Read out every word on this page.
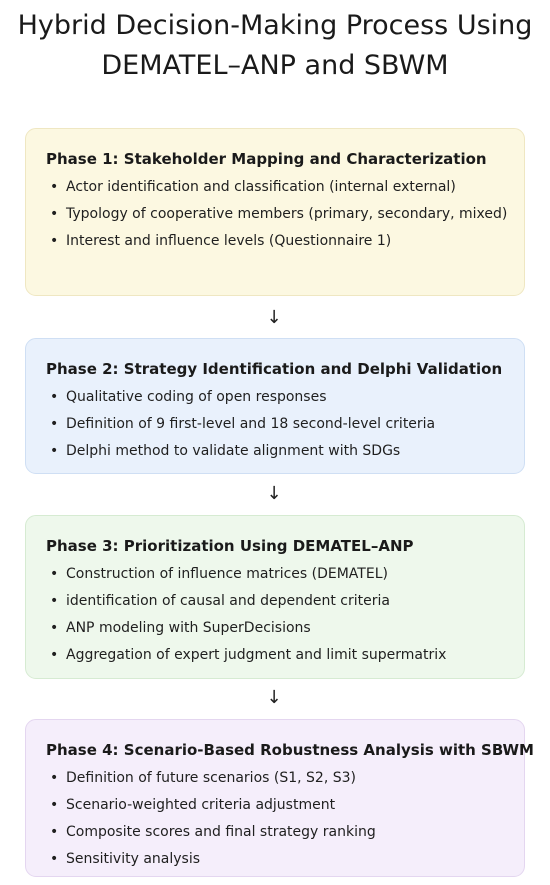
Hybrid Decision-Making Process Using
DEMATEL–ANP and SBWM
Phase 1: Stakeholder Mapping and Characterization
• Actor identification and classification (internal external)
• Typology of cooperative members (primary, secondary, mixed)
• Interest and influence levels (Questionnaire 1)
↓
Phase 2: Strategy Identification and Delphi Validation
• Qualitative coding of open responses
• Definition of 9 first-level and 18 second-level criteria
• Delphi method to validate alignment with SDGs
↓
Phase 3: Prioritization Using DEMATEL–ANP
• Construction of influence matrices (DEMATEL)
• identification of causal and dependent criteria
• ANP modeling with SuperDecisions
• Aggregation of expert judgment and limit supermatrix
↓
Phase 4: Scenario-Based Robustness Analysis with SBWM
• Definition of future scenarios (S1, S2, S3)
• Scenario-weighted criteria adjustment
• Composite scores and final strategy ranking
• Sensitivity analysis
